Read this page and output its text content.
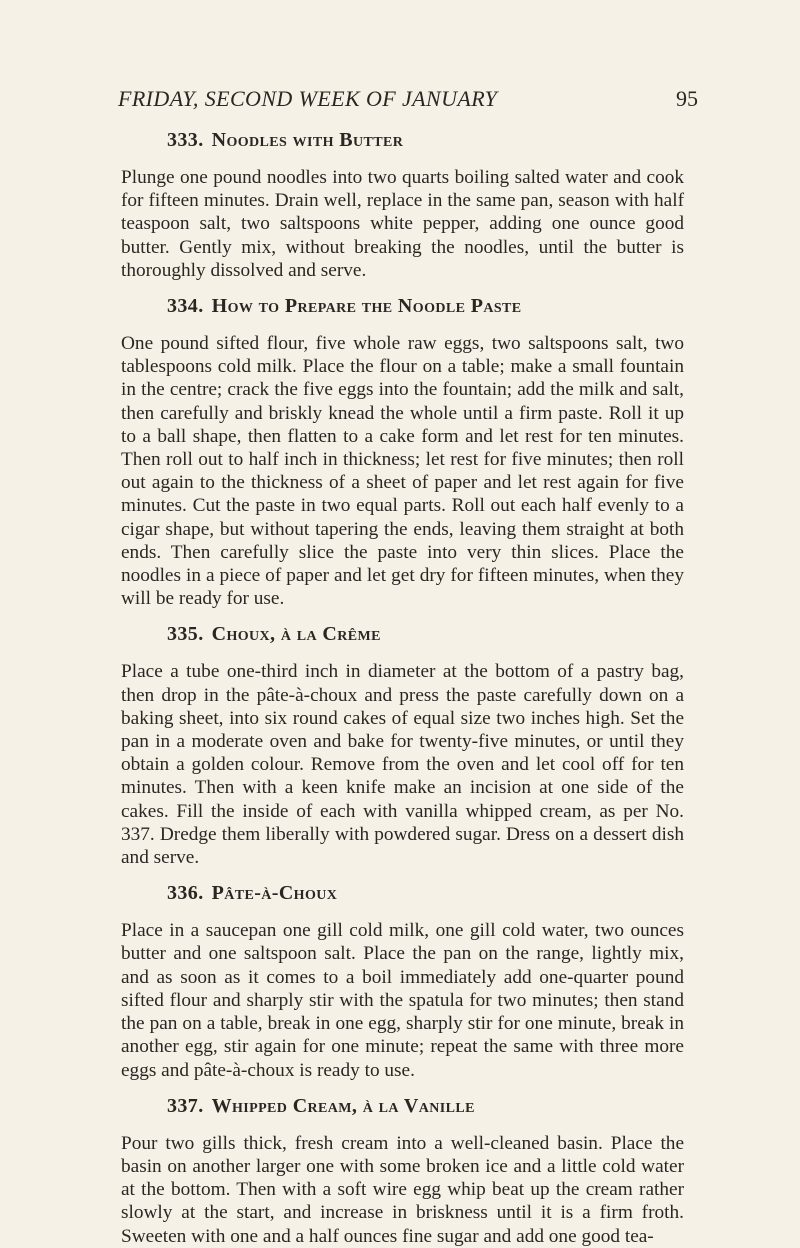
FRIDAY, SECOND WEEK OF JANUARY	95
333. Noodles with Butter

Plunge one pound noodles into two quarts boiling salted water and cook for fifteen minutes. Drain well, replace in the same pan, season with half teaspoon salt, two saltspoons white pepper, adding one ounce good butter. Gently mix, without breaking the noodles, until the butter is thoroughly dissolved and serve.

334. How to Prepare the Noodle Paste

One pound sifted flour, five whole raw eggs, two saltspoons salt, two tablespoons cold milk. Place the flour on a table; make a small fountain in the centre; crack the five eggs into the fountain; add the milk and salt, then carefully and briskly knead the whole until a firm paste. Roll it up to a ball shape, then flatten to a cake form and let rest for ten minutes. Then roll out to half inch in thickness; let rest for five minutes; then roll out again to the thickness of a sheet of paper and let rest again for five minutes. Cut the paste in two equal parts. Roll out each half evenly to a cigar shape, but without tapering the ends, leaving them straight at both ends. Then carefully slice the paste into very thin slices. Place the noodles in a piece of paper and let get dry for fifteen minutes, when they will be ready for use.

335. Choux, à la Crême

Place a tube one-third inch in diameter at the bottom of a pastry bag, then drop in the pâte-à-choux and press the paste carefully down on a baking sheet, into six round cakes of equal size two inches high. Set the pan in a moderate oven and bake for twenty-five minutes, or until they obtain a golden colour. Remove from the oven and let cool off for ten minutes. Then with a keen knife make an incision at one side of the cakes. Fill the inside of each with vanilla whipped cream, as per No. 337. Dredge them liberally with powdered sugar. Dress on a dessert dish and serve.

336. Pâte-à-Choux

Place in a saucepan one gill cold milk, one gill cold water, two ounces butter and one saltspoon salt. Place the pan on the range, lightly mix, and as soon as it comes to a boil immediately add one-quarter pound sifted flour and sharply stir with the spatula for two minutes; then stand the pan on a table, break in one egg, sharply stir for one minute, break in another egg, stir again for one minute; repeat the same with three more eggs and pâte-à-choux is ready to use.

337. Whipped Cream, à la Vanille

Pour two gills thick, fresh cream into a well-cleaned basin. Place the basin on another larger one with some broken ice and a little cold water at the bottom. Then with a soft wire egg whip beat up the cream rather slowly at the start, and increase in briskness until it is a firm froth. Sweeten with one and a half ounces fine sugar and add one good tea-
